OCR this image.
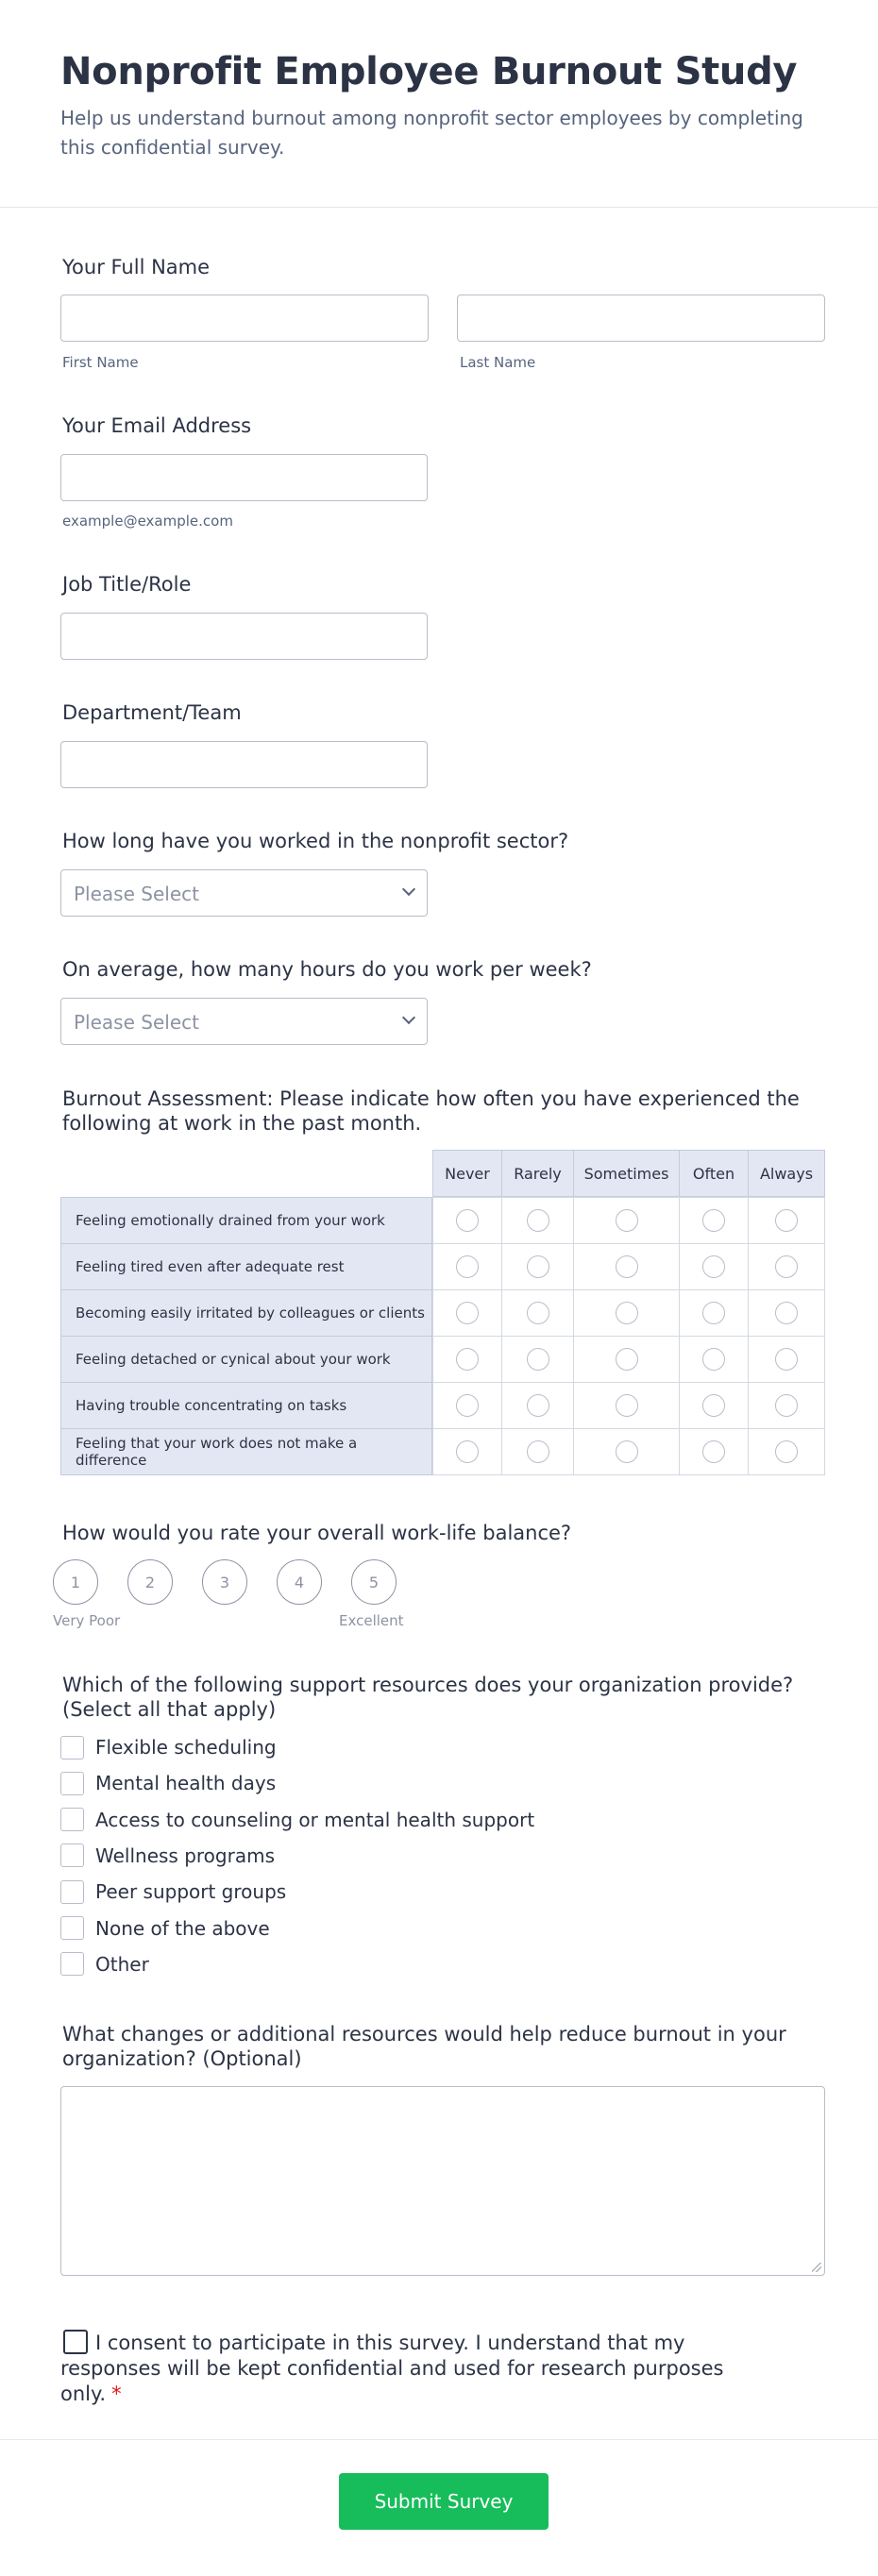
Nonprofit Employee Burnout Study

Help us understand burnout among nonprofit sector employees by completing this confidential survey.

Your Full Name
First Name	Last Name
Your Email Address
example@example.com
Job Title/Role
Department/Team
How long have you worked in the nonprofit sector?
Please Select
On average, how many hours do you work per week?
Please Select
Burnout Assessment: Please indicate how often you have experienced the following at work in the past month.
Never	Rarely	Sometimes	Often	Always
Feeling emotionally drained from your work
Feeling tired even after adequate rest
Becoming easily irritated by colleagues or clients
Feeling detached or cynical about your work
Having trouble concentrating on tasks
Feeling that your work does not make a difference
How would you rate your overall work-life balance?
1	2	3	4	5
Very Poor	Excellent
Which of the following support resources does your organization provide? (Select all that apply)
Flexible scheduling
Mental health days
Access to counseling or mental health support
Wellness programs
Peer support groups
None of the above
Other
What changes or additional resources would help reduce burnout in your organization? (Optional)
I consent to participate in this survey. I understand that my responses will be kept confidential and used for research purposes only. *
Submit Survey
